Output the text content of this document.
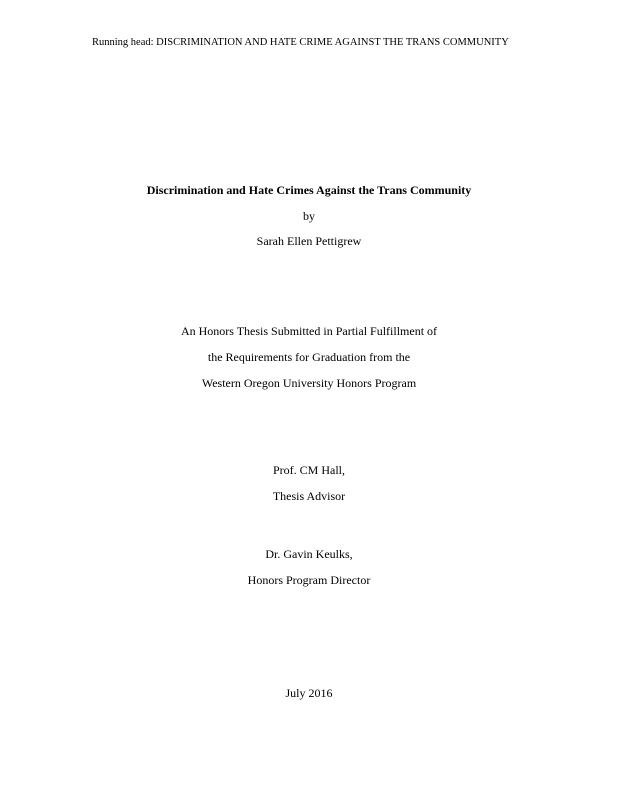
Running head: DISCRIMINATION AND HATE CRIME AGAINST THE TRANS COMMUNITY
Discrimination and Hate Crimes Against the Trans Community
by
Sarah Ellen Pettigrew
An Honors Thesis Submitted in Partial Fulfillment of
the Requirements for Graduation from the
Western Oregon University Honors Program
Prof. CM Hall,
Thesis Advisor
Dr. Gavin Keulks,
Honors Program Director
July 2016
